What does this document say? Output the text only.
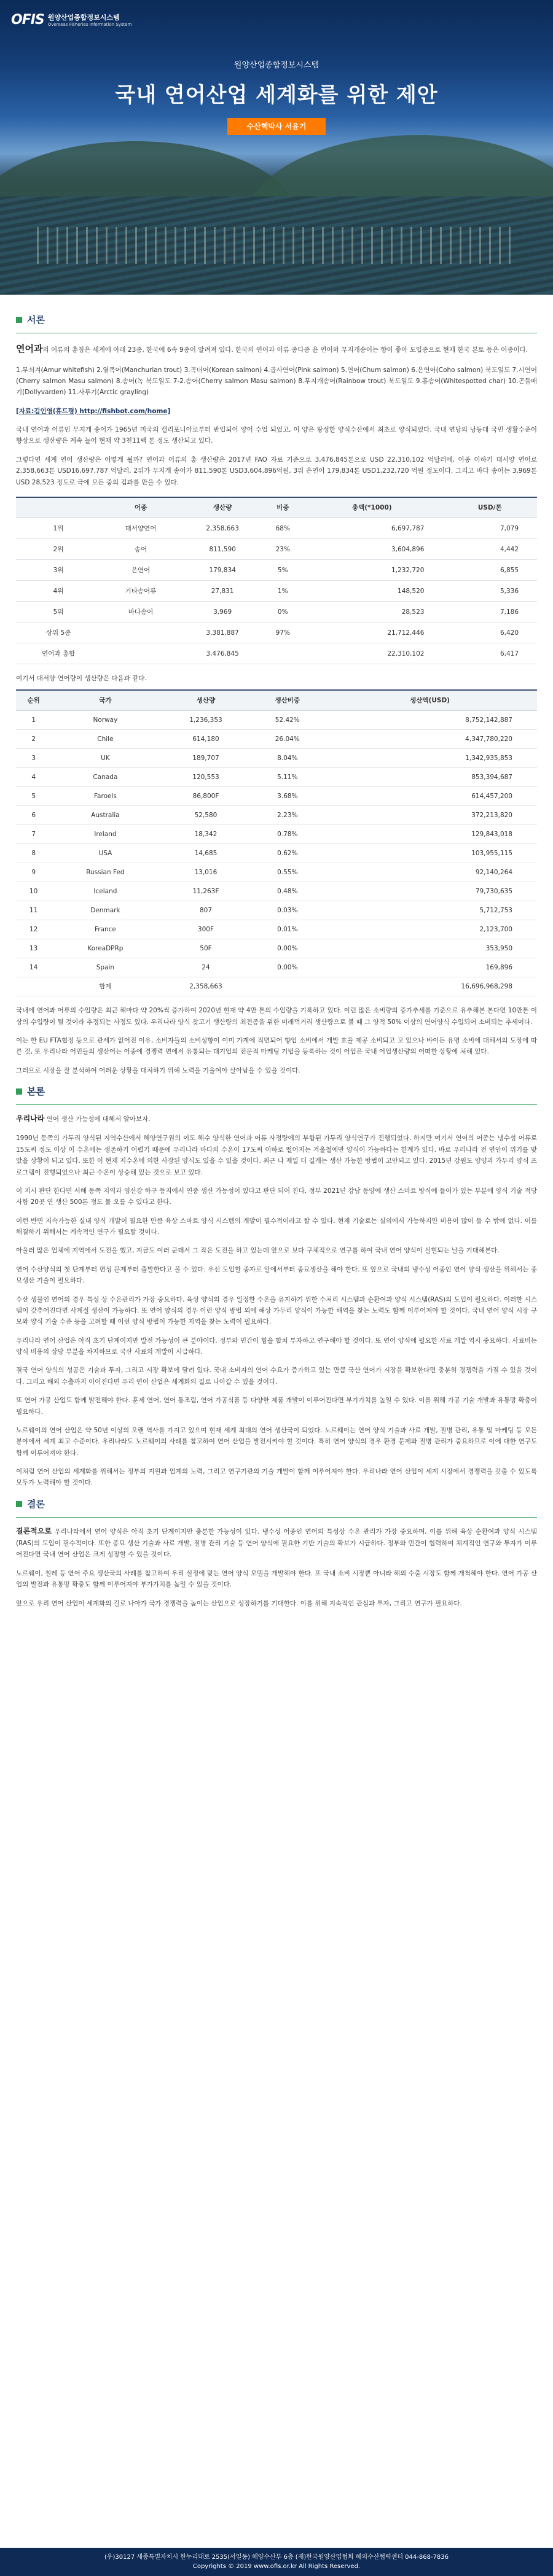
OFIS 원양산업종합정보시스템
Overseas Fisheries Information System
원양산업종합정보시스템
국내 연어산업 세계화를 위한 제안
수산핵박사 서윤기
서론

연어과의 어류의 총칭은 세계에 아래 23종, 한국에 6속 9종이 알려져 있다. 한국의 연어과 어류 종다종 윤 연어와 무지개송어는 향이 좋아 도입종으로 현재 한국 본토 등은 어종이다.

1.무쇠겨(Amur whitefish) 2.열목어(Manchurian trout) 3.곡더어(Korean salmon) 4.곱사연어(Pink salmon) 5.연어(Chum salmon) 6.은연어(Coho salmon) 북도일도 7.시연어(Cherry salmon Masu salmon) 8.송어(녹 북도일도 7-2.송어(Cherry salmon Masu salmon) 8.무지개송어(Rainbow trout) 북도일도 9.홍송어(Whitespotted char) 10.곤들매기(Dollyvarden) 11.사루기(Arctic grayling)

[자료:김인영(휴드평) http://fishbot.com/home]

국내 연어과 어류인 무지개 송어가 1965년 미국의 캘리포니아로부터 반입되어 양어 수업 되었고, 이 양은 왕성한 양식수산에서 최초로 양식되었다. 국내 연당의 낭등대 국민 생활수준이 향상으로 생산량은 계속 늘어 현재 약 3천11백 톤 정도 생산되고 있다.

그렇다면 세계 연어 생산량은 어떻게 될까? 연어과 어류의 총 생산량은 2017년 FAO 자료 기준으로 3,476,845톤으로 USD 22,310,102 억달러에, 어종 이하기 대서양 연어로 2,358,663톤 USD16,697,787 억달러, 2위가 무지개 송어가 811,590톤 USD3,604,896억원, 3위 은연어 179,834톤 USD1,232,720 억원 정도이다. 그리고 바다 송어는 3,969톤 USD 28,523 정도로 극에 모든 중의 김과를 만을 수 있다.

	어종	생산량	비중	총액(*1000)	USD/톤
1위	대서양연어	2,358,663	68%	6,697,787	7,079
2위	송어	811,590	23%	3,604,896	4,442
3위	은연어	179,834	5%	1,232,720	6,855
4위	기타송어류	27,831	1%	148,520	5,336
5위	바다송어	3,969	0%	28,523	7,186
상위 5종		3,381,887	97%	21,712,446	6,420
연어과 총합		3,476,845		22,310,102	6,417

여기서 대서양 연어량이 생산량은 다음과 같다.

순위	국가	생산량	생산비중	생산액(USD)
1	Norway	1,236,353	52.42%	8,752,142,887
2	Chile	614,180	26.04%	4,347,780,220
3	UK	189,707	8.04%	1,342,935,853
4	Canada	120,553	5.11%	853,394,687
5	Faroels	86,800F	3.68%	614,457,200
6	Australia	52,580	2.23%	372,213,820
7	Ireland	18,342	0.78%	129,843,018
8	USA	14,685	0.62%	103,955,115
9	Russian Fed	13,016	0.55%	92,140,264
10	Iceland	11,263F	0.48%	79,730,635
11	Denmark	807	0.03%	5,712,753
12	France	300F	0.01%	2,123,700
13	KoreaDPRp	50F	0.00%	353,950
14	Spain	24	0.00%	169,896
	합계	2,358,663		16,696,968,298

국내에 연어과 어류의 수입량은 최근 해마다 약 20%씩 증가하여 2020년 현재 약 4만 톤의 수입량을 기록하고 있다. 이런 많은 소비량의 증가추세를 기준으로 유추해본 본다면 10만톤 이상의 수입량이 될 것이라 추정되는 사정도 있다. 우리나라 양식 찾고기 생산량의 최전종을 위한 미래먹거리 생산량으로 볼 때 그 양적 50% 이상의 연어양식 수입되어 소비되는 추세이다.

이는 한 EU FTA협정 등으로 관세가 없어진 이유, 소비자들의 소비성향이 이미 가계에 직면되어 향업 소비에서 개발 효율 제공 소비되고 고 있으나 바이든 유명 소비에 대해서의 도장에 따른 것, 또 우리나라 어민들의 생산어는 어종에 경쟁력 면에서 유통되는 대기업의 전문적 마케팅 기법을 등록하는 것이 어업은 국내 어업생산량의 어떠한 상황에 처해 있다.

그러므로 시장을 잘 분석하여 어려운 상황을 대처하기 위해 노력을 기울여야 살아남을 수 있을 것이다.

본론

우리나라 연어 생산 가능성에 대해서 알아보자.

1990년 동쪽의 가두리 양식된 지역수산에서 해양연구원의 이도 해수 양식한 연어과 어류 사정량에의 부합된 가두리 양식연구가 진행되었다. 하지만 여기서 연어의 어종는 냉수성 어류로 15도씨 정도 이상 이 수온에는 생존하기 어렵기 때문에 우리나라 바다의 수온이 17도씨 이하로 떨어지는 겨울철에만 양식이 가능하다는 한계가 있다. 바로 우리나라 전 연안이 위기를 맞았을 상황이 되고 있다. 또한 이 현재 저수온에 의한 사장된 양식도 있을 수 있을 것이다. 최근 나 제일 더 길게는 생산 가능한 방법이 고안되고 있다. 2015년 강원도 양양과 가두리 양식 프로그램이 진행되었으나 최근 수온이 상승해 있는 것으로 보고 있다.

이 지시 판단 한다면 서해 동쪽 지역과 영산강 하구 등지에서 연중 생산 가능성이 있다고 판단 되어 진다. 정부 2021년 강남 동양에 생산 스마트 방식에 들어가 있는 부분에 양식 기술 적당 사항 20곳 연 생산 500톤 정도 물 오를 수 있다고 한다.

이런 반면 지속가능한 실내 양식 개발이 필요한 만큼 육상 스마트 양식 시스템의 개발이 필수적이라고 할 수 있다. 현재 기술로는 실외에서 가능하지만 비용이 많이 들 수 밖에 없다. 이를 해결하기 위해서는 계속적인 연구가 필요할 것이다.

아울러 많은 업체에 지역에서 도전을 했고, 지금도 여러 군데서 그 작은 도전을 하고 있는데 앞으로 보다 구체적으로 연구를 하여 국내 연어 양식이 실현되는 날을 기대해본다.

연어 수산양식의 첫 단계부터 편성 문제부터 출발한다고 볼 수 있다. 우선 도입할 종자로 알에서부터 종묘생산을 해야 한다. 또 앞으로 국내의 냉수성 어종인 연어 양식 생산을 위해서는 종묘생산 기술이 필요하다.

수산 생물인 연어의 경우 특성 상 수온관리가 가장 중요하다. 육상 양식의 경우 일정한 수온을 유지하기 위한 수처리 시스템과 순환여과 양식 시스템(RAS)의 도입이 필요하다. 이러한 시스템이 갖추어진다면 사계절 생산이 가능하다. 또 연어 양식의 경우 이런 양식 방법 외에 해상 가두리 양식이 가능한 해역을 찾는 노력도 함께 이루어져야 할 것이다. 국내 연어 양식 시장 규모와 양식 기술 수준 등을 고려할 때 이런 양식 방법이 가능한 지역을 찾는 노력이 필요하다.

우리나라 연어 산업은 아직 초기 단계이지만 발전 가능성이 큰 분야이다. 정부와 민간이 힘을 합쳐 투자하고 연구해야 할 것이다. 또 연어 양식에 필요한 사료 개발 역시 중요하다. 사료비는 양식 비용의 상당 부분을 차지하므로 국산 사료의 개발이 시급하다.

결국 연어 양식의 성공은 기술과 투자, 그리고 시장 확보에 달려 있다. 국내 소비자의 연어 수요가 증가하고 있는 만큼 국산 연어가 시장을 확보한다면 충분히 경쟁력을 가질 수 있을 것이다. 그리고 해외 수출까지 이어진다면 우리 연어 산업은 세계화의 길로 나아갈 수 있을 것이다.

또 연어 가공 산업도 함께 발전해야 한다. 훈제 연어, 연어 통조림, 연어 가공식품 등 다양한 제품 개발이 이루어진다면 부가가치를 높일 수 있다. 이를 위해 가공 기술 개발과 유통망 확충이 필요하다.

노르웨이의 연어 산업은 약 50년 이상의 오랜 역사를 가지고 있으며 현재 세계 최대의 연어 생산국이 되었다. 노르웨이는 연어 양식 기술과 사료 개발, 질병 관리, 유통 및 마케팅 등 모든 분야에서 세계 최고 수준이다. 우리나라도 노르웨이의 사례를 참고하여 연어 산업을 발전시켜야 할 것이다. 특히 연어 양식의 경우 환경 문제와 질병 관리가 중요하므로 이에 대한 연구도 함께 이루어져야 한다.

이처럼 연어 산업의 세계화를 위해서는 정부의 지원과 업계의 노력, 그리고 연구기관의 기술 개발이 함께 이루어져야 한다. 우리나라 연어 산업이 세계 시장에서 경쟁력을 갖출 수 있도록 모두가 노력해야 할 것이다.

결론

결론적으로 우리나라에서 연어 양식은 아직 초기 단계이지만 충분한 가능성이 있다. 냉수성 어종인 연어의 특성상 수온 관리가 가장 중요하며, 이를 위해 육상 순환여과 양식 시스템(RAS)의 도입이 필수적이다. 또한 종묘 생산 기술과 사료 개발, 질병 관리 기술 등 연어 양식에 필요한 기반 기술의 확보가 시급하다. 정부와 민간이 협력하여 체계적인 연구와 투자가 이루어진다면 국내 연어 산업은 크게 성장할 수 있을 것이다.

노르웨이, 칠레 등 연어 주요 생산국의 사례를 참고하여 우리 실정에 맞는 연어 양식 모델을 개발해야 한다. 또 국내 소비 시장뿐 아니라 해외 수출 시장도 함께 개척해야 한다. 연어 가공 산업의 발전과 유통망 확충도 함께 이루어져야 부가가치를 높일 수 있을 것이다.

앞으로 우리 연어 산업이 세계화의 길로 나아가 국가 경쟁력을 높이는 산업으로 성장하기를 기대한다. 이를 위해 지속적인 관심과 투자, 그리고 연구가 필요하다.

(우)30127 세종특별자치시 한누리대로 2535(서일동) 해양수산부 6층 (재)한국원양산업협회 해외수산협력센터 044-868-7836
Copyrights © 2019 www.ofis.or.kr All Rights Reserved.
